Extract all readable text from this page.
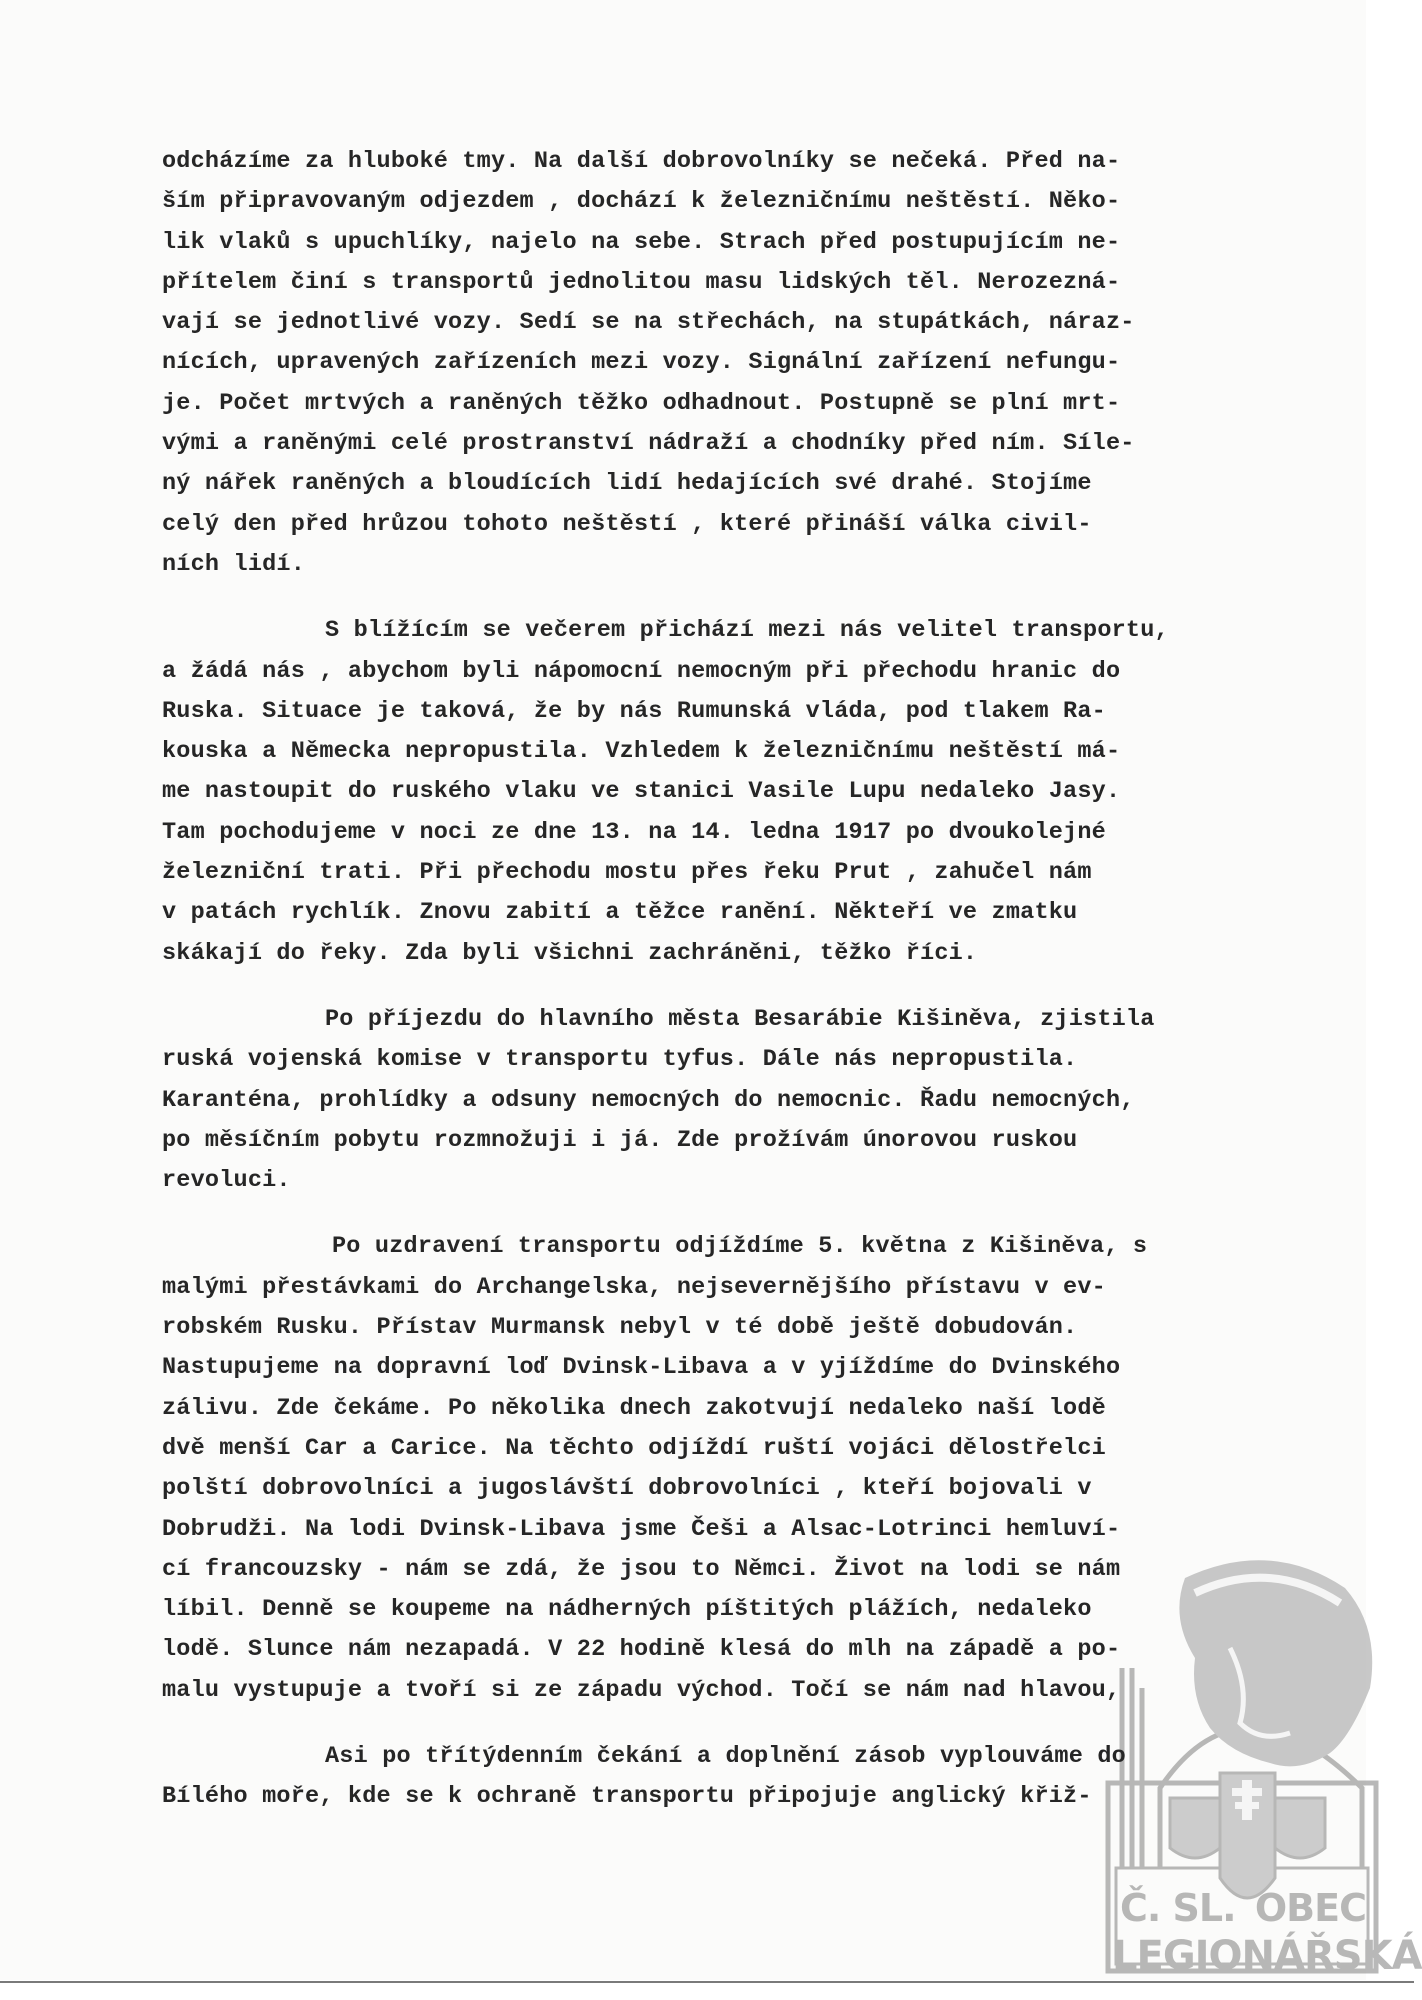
Č. SL. OBEC
LEGIONÁŘSKÁ
odcházíme za hluboké tmy. Na další dobrovolníky se nečeká. Před na-
ším připravovaným odjezdem , dochází k železničnímu neštěstí. Něko-
lik vlaků s upuchlíky, najelo na sebe. Strach před postupujícím ne-
přítelem činí s transportů jednolitou masu lidských těl. Nerozezná-
vají se jednotlivé vozy. Sedí se na střechách, na stupátkách, náraz-
nících, upravených zařízeních mezi vozy. Signální zařízení nefungu-
je. Počet mrtvých a raněných těžko odhadnout. Postupně se plní mrt-
vými a raněnými celé prostranství nádraží a chodníky před ním. Síle-
ný nářek raněných a bloudících lidí hedajících své drahé. Stojíme
celý den před hrůzou tohoto neštěstí , které přináší válka civil-
ních lidí.
S blížícím se večerem přichází mezi nás velitel transportu,
a žádá nás , abychom byli nápomocní nemocným při přechodu hranic do
Ruska. Situace je taková, že by nás Rumunská vláda, pod tlakem Ra-
kouska a Německa nepropustila. Vzhledem k železničnímu neštěstí má-
me nastoupit do ruského vlaku ve stanici Vasile Lupu nedaleko Jasy.
Tam pochodujeme v noci ze dne 13. na 14. ledna 1917 po dvoukolejné
železniční trati. Při přechodu mostu přes řeku Prut , zahučel nám
v patách rychlík. Znovu zabití a těžce ranění. Někteří ve zmatku
skákají do řeky. Zda byli všichni zachráněni, těžko říci.
Po příjezdu do hlavního města Besarábie Kišiněva, zjistila
ruská vojenská komise v transportu tyfus. Dále nás nepropustila.
Karanténa, prohlídky a odsuny nemocných do nemocnic. Řadu nemocných,
po měsíčním pobytu rozmnožuji i já. Zde prožívám únorovou ruskou
revoluci.
Po uzdravení transportu odjíždíme 5. května z Kišiněva, s
malými přestávkami do Archangelska, nejsevernějšího přístavu v ev-
robském Rusku. Přístav Murmansk nebyl v té době ještě dobudován.
Nastupujeme na dopravní loď Dvinsk-Libava a v yjíždíme do Dvinského
zálivu. Zde čekáme. Po několika dnech zakotvují nedaleko naší lodě
dvě menší Car a Carice. Na těchto odjíždí ruští vojáci dělostřelci
polští dobrovolníci a jugoslávští dobrovolníci , kteří bojovali v
Dobrudži. Na lodi Dvinsk-Libava jsme Češi a Alsac-Lotrinci hemluví-
cí francouzsky - nám se zdá, že jsou to Němci. Život na lodi se nám
líbil. Denně se koupeme na nádherných píštitých plážích, nedaleko
lodě. Slunce nám nezapadá. V 22 hodině klesá do mlh na západě a po-
malu vystupuje a tvoří si ze západu východ. Točí se nám nad hlavou,
Asi po třítýdenním čekání a doplnění zásob vyplouváme do
Bílého moře, kde se k ochraně transportu připojuje anglický křiž-
